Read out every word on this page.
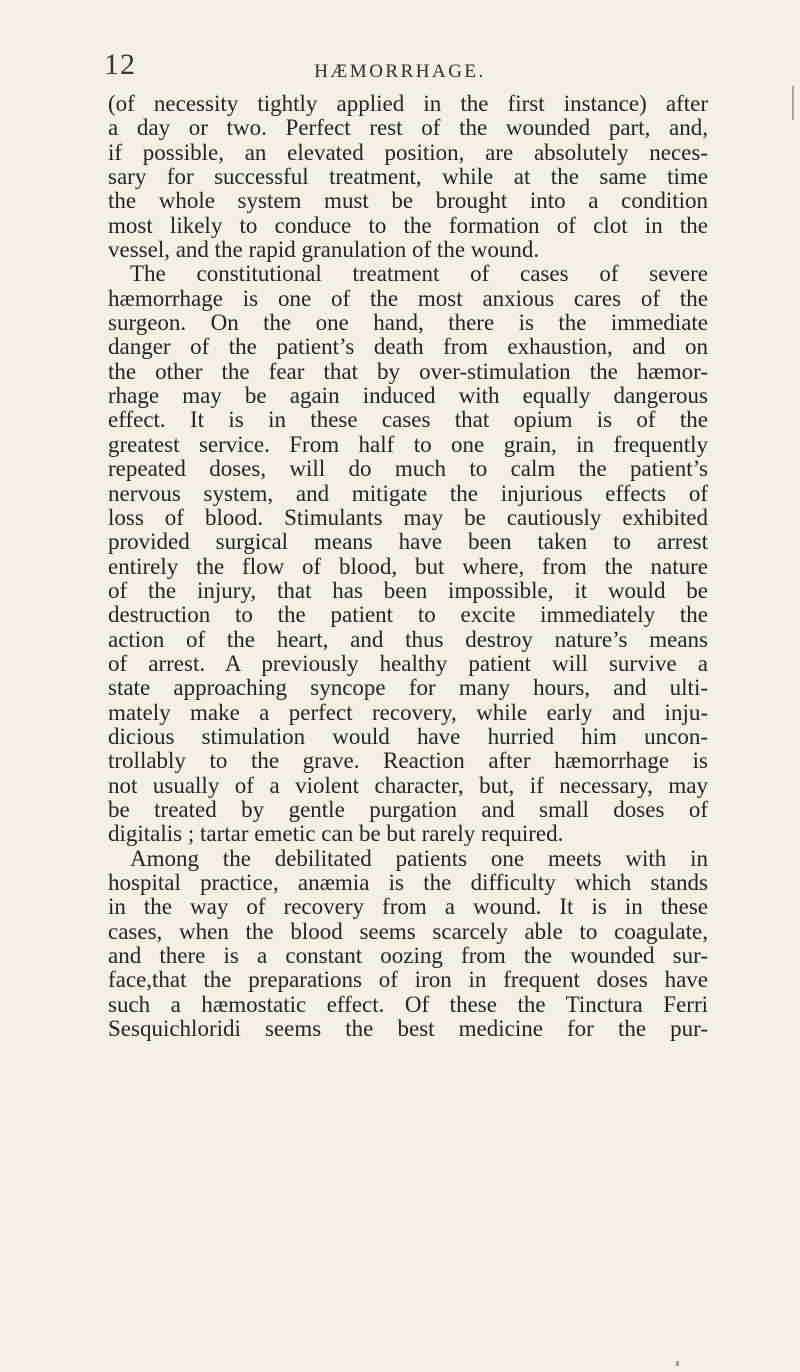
12	HÆMORRHAGE.
(of necessity tightly applied in the first instance) after
a day or two. Perfect rest of the wounded part, and,
if possible, an elevated position, are absolutely neces-
sary for successful treatment, while at the same time
the whole system must be brought into a condition
most likely to conduce to the formation of clot in the
vessel, and the rapid granulation of the wound.
The constitutional treatment of cases of severe
hæmorrhage is one of the most anxious cares of the
surgeon. On the one hand, there is the immediate
danger of the patient’s death from exhaustion, and on
the other the fear that by over-stimulation the hæmor-
rhage may be again induced with equally dangerous
effect. It is in these cases that opium is of the
greatest service. From half to one grain, in frequently
repeated doses, will do much to calm the patient’s
nervous system, and mitigate the injurious effects of
loss of blood. Stimulants may be cautiously exhibited
provided surgical means have been taken to arrest
entirely the flow of blood, but where, from the nature
of the injury, that has been impossible, it would be
destruction to the patient to excite immediately the
action of the heart, and thus destroy nature’s means
of arrest. A previously healthy patient will survive a
state approaching syncope for many hours, and ulti-
mately make a perfect recovery, while early and inju-
dicious stimulation would have hurried him uncon-
trollably to the grave. Reaction after hæmorrhage is
not usually of a violent character, but, if necessary, may
be treated by gentle purgation and small doses of
digitalis ; tartar emetic can be but rarely required.
Among the debilitated patients one meets with in
hospital practice, anæmia is the difficulty which stands
in the way of recovery from a wound. It is in these
cases, when the blood seems scarcely able to coagulate,
and there is a constant oozing from the wounded sur-
face,that the preparations of iron in frequent doses have
such a hæmostatic effect. Of these the Tinctura Ferri
Sesquichloridi seems the best medicine for the pur-
